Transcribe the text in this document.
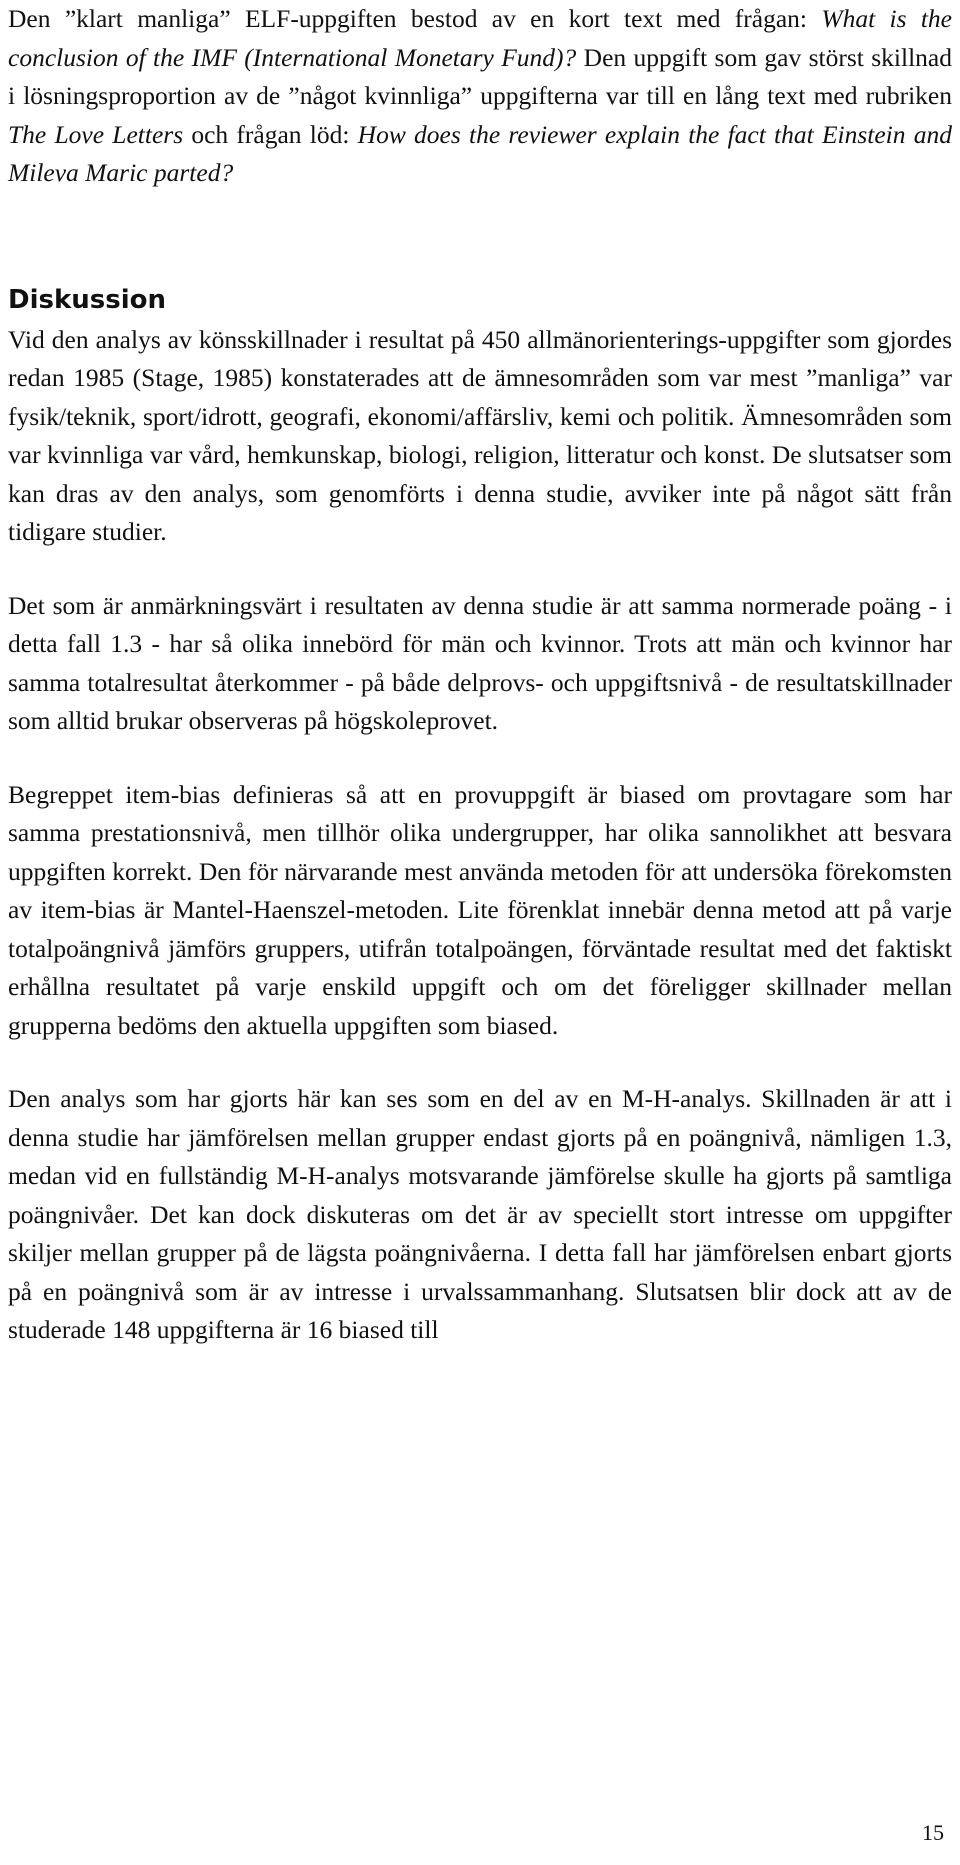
Den ”klart manliga” ELF-uppgiften bestod av en kort text med frågan: What is the conclusion of the IMF (International Monetary Fund)? Den uppgift som gav störst skillnad i lösningsproportion av de ”något kvinnliga” uppgifterna var till en lång text med rubriken The Love Letters och frågan löd: How does the reviewer explain the fact that Einstein and Mileva Maric parted?

Diskussion

Vid den analys av könsskillnader i resultat på 450 allmänorienterings-uppgifter som gjordes redan 1985 (Stage, 1985) konstaterades att de ämnesområden som var mest ”manliga” var fysik/teknik, sport/idrott, geografi, ekonomi/affärsliv, kemi och politik. Ämnesområden som var kvinnliga var vård, hemkunskap, biologi, religion, litteratur och konst. De slutsatser som kan dras av den analys, som genomförts i denna studie, avviker inte på något sätt från tidigare studier.

Det som är anmärkningsvärt i resultaten av denna studie är att samma normerade poäng - i detta fall 1.3 - har så olika innebörd för män och kvinnor. Trots att män och kvinnor har samma totalresultat återkommer - på både delprovs- och uppgiftsnivå - de resultatskillnader som alltid brukar observeras på högskoleprovet.

Begreppet item-bias definieras så att en provuppgift är biased om provtagare som har samma prestationsnivå, men tillhör olika undergrupper, har olika sannolikhet att besvara uppgiften korrekt. Den för närvarande mest använda metoden för att undersöka förekomsten av item-bias är Mantel-Haenszel-metoden. Lite förenklat innebär denna metod att på varje totalpoängnivå jämförs gruppers, utifrån totalpoängen, förväntade resultat med det faktiskt erhållna resultatet på varje enskild uppgift och om det föreligger skillnader mellan grupperna bedöms den aktuella uppgiften som biased.

Den analys som har gjorts här kan ses som en del av en M-H-analys. Skillnaden är att i denna studie har jämförelsen mellan grupper endast gjorts på en poängnivå, nämligen 1.3, medan vid en fullständig M-H-analys motsvarande jämförelse skulle ha gjorts på samtliga poängnivåer. Det kan dock diskuteras om det är av speciellt stort intresse om uppgifter skiljer mellan grupper på de lägsta poängnivåerna. I detta fall har jämförelsen enbart gjorts på en poängnivå som är av intresse i urvalssammanhang. Slutsatsen blir dock att av de studerade 148 uppgifterna är 16 biased till

15
